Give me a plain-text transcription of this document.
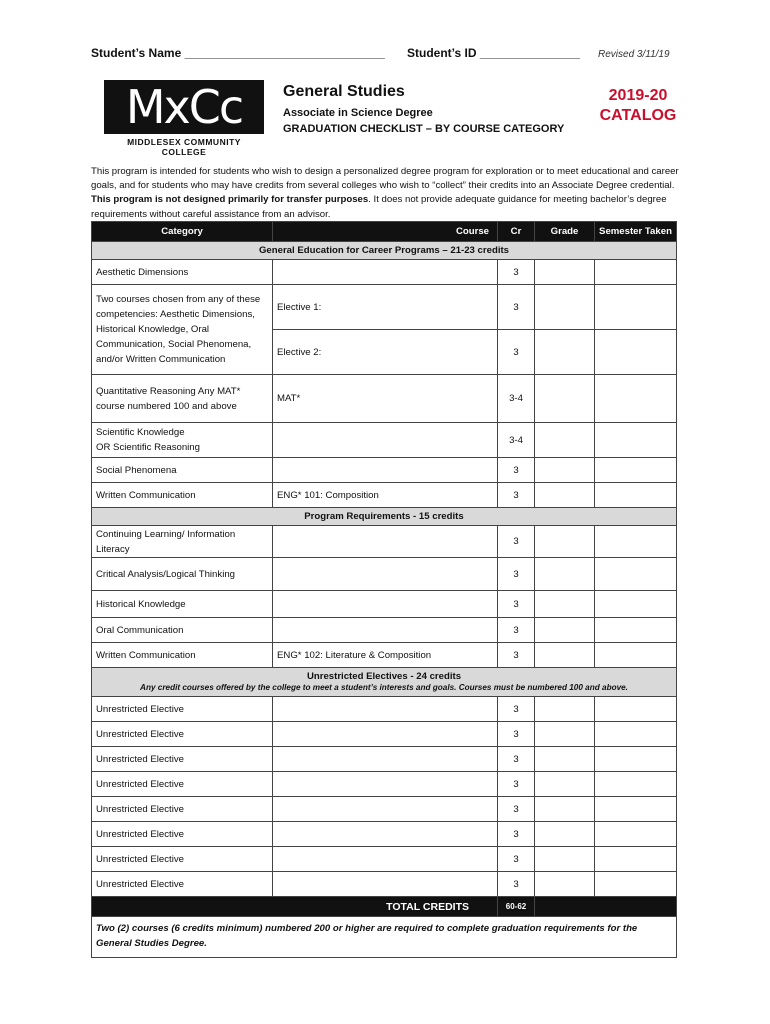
Student’s Name ______________________________ Student’s ID _______________ Revised 3/11/19
MxCc
MIDDLESEX COMMUNITY COLLEGE
General Studies
Associate in Science Degree
GRADUATION CHECKLIST – BY COURSE CATEGORY
2019-20
CATALOG
This program is intended for students who wish to design a personalized degree program for exploration or to meet educational and career goals, and for students who may have credits from several colleges who wish to “collect” their credits into an Associate Degree credential. This program is not designed primarily for transfer purposes. It does not provide adequate guidance for meeting bachelor’s degree requirements without careful assistance from an advisor.
Category	Course	Cr	Grade	Semester Taken
General Education for Career Programs – 21-23 credits				
Aesthetic Dimensions		3		
Two courses chosen from any of these competencies: Aesthetic Dimensions, Historical Knowledge, Oral Communication, Social Phenomena, and/or Written Communication	Elective 1:	3		
	Elective 2:	3		
Quantitative Reasoning Any MAT* course numbered 100 and above	MAT*	3-4		
Scientific Knowledge
OR Scientific Reasoning		3-4		
Social Phenomena		3		
Written Communication	ENG* 101: Composition	3		
Program Requirements - 15 credits				
Continuing Learning/ Information Literacy		3		
Critical Analysis/Logical Thinking		3		
Historical Knowledge		3		
Oral Communication		3		
Written Communication	ENG* 102: Literature & Composition	3		
Unrestricted Electives - 24 credits
Any credit courses offered by the college to meet a student’s interests and goals. Courses must be numbered 100 and above.				

Unrestricted Elective		3		
Unrestricted Elective		3		
Unrestricted Elective		3		
Unrestricted Elective		3		
Unrestricted Elective		3		
Unrestricted Elective		3		
Unrestricted Elective		3		
Unrestricted Elective		3		
TOTAL CREDITS		60-62		
Two (2) courses (6 credits minimum) numbered 200 or higher are required to complete graduation requirements for the General Studies Degree.				
